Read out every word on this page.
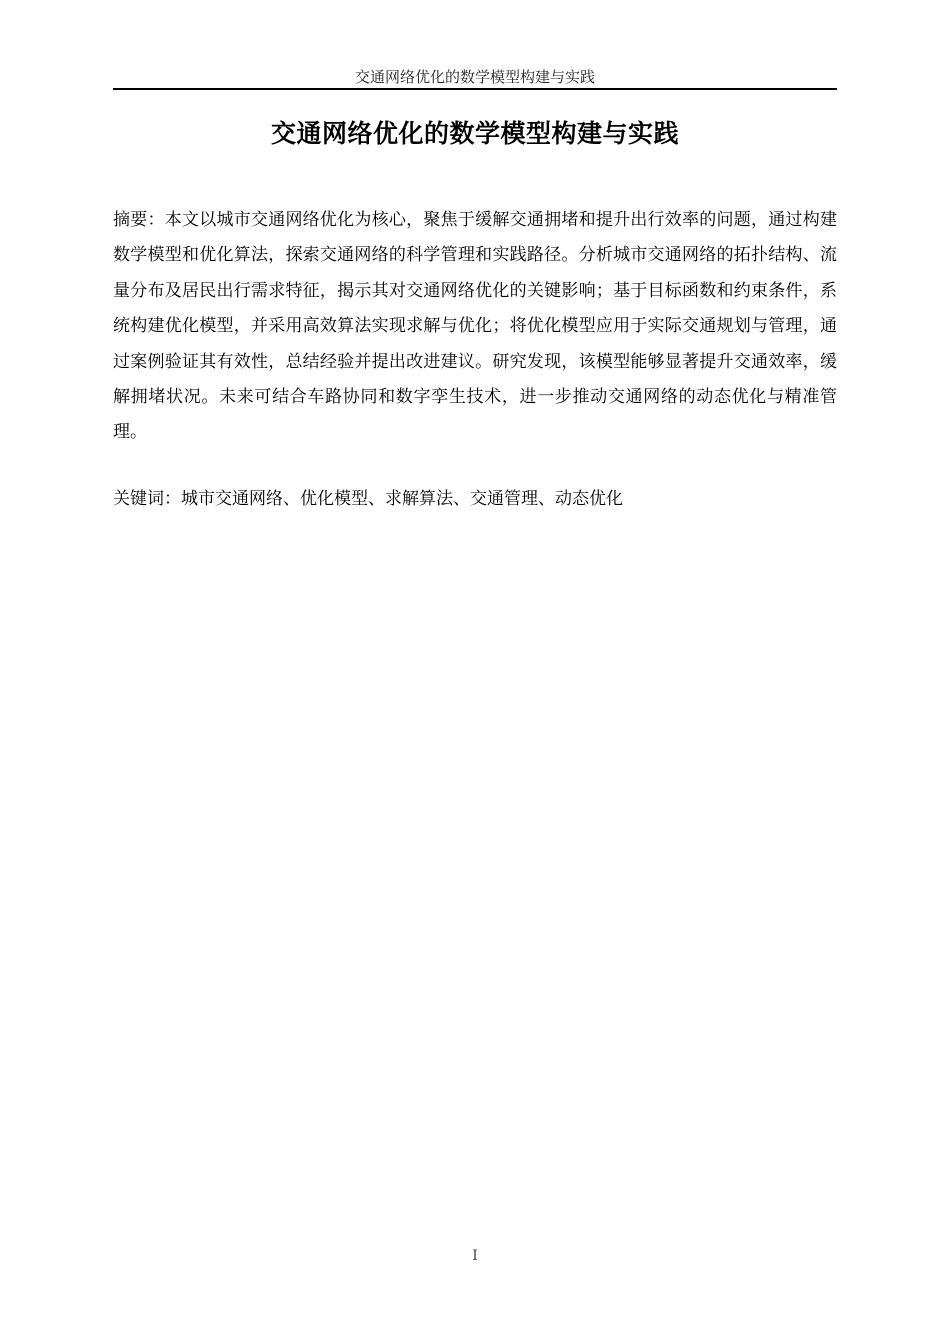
交通网络优化的数学模型构建与实践
交通网络优化的数学模型构建与实践

摘要：本文以城市交通网络优化为核心，聚焦于缓解交通拥堵和提升出行效率的问题，通过构建数学模型和优化算法，探索交通网络的科学管理和实践路径。分析城市交通网络的拓扑结构、流量分布及居民出行需求特征，揭示其对交通网络优化的关键影响；基于目标函数和约束条件，系统构建优化模型，并采用高效算法实现求解与优化；将优化模型应用于实际交通规划与管理，通过案例验证其有效性，总结经验并提出改进建议。研究发现，该模型能够显著提升交通效率，缓解拥堵状况。未来可结合车路协同和数字孪生技术，进一步推动交通网络的动态优化与精准管理。

关键词：城市交通网络、优化模型、求解算法、交通管理、动态优化

I
